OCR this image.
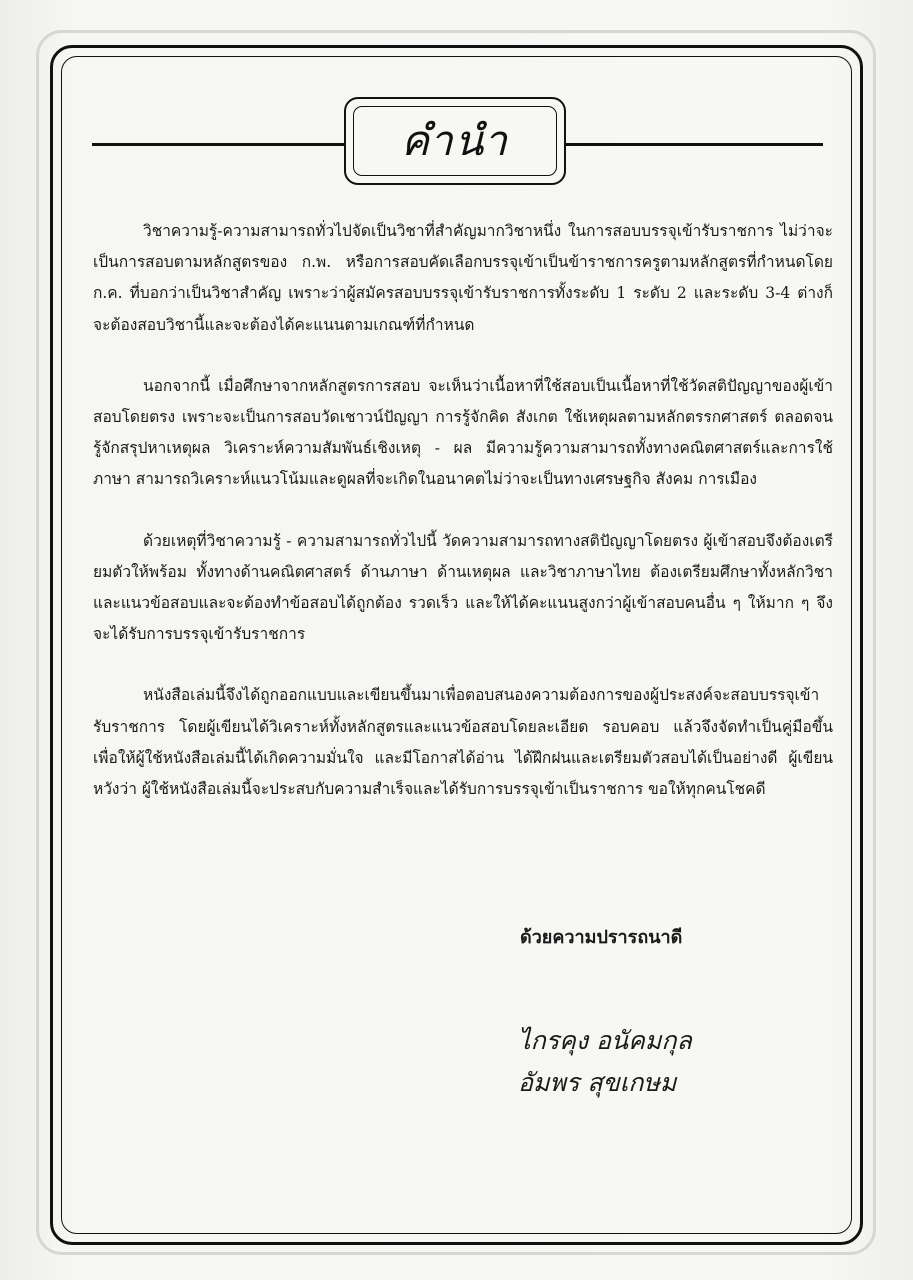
คำนำ

วิชาความรู้-ความสามารถทั่วไปจัดเป็นวิชาที่สำคัญมากวิชาหนึ่ง ในการสอบบรรจุเข้ารับราชการ ไม่ว่าจะเป็นการสอบตามหลักสูตรของ ก.พ. หรือการสอบคัดเลือกบรรจุเข้าเป็นข้าราชการครูตามหลักสูตรที่กำหนดโดย ก.ค. ที่บอกว่าเป็นวิชาสำคัญ เพราะว่าผู้สมัครสอบบรรจุเข้ารับราชการทั้งระดับ 1 ระดับ 2 และระดับ 3-4 ต่างก็จะต้องสอบวิชานี้และจะต้องได้คะแนนตามเกณฑ์ที่กำหนด

นอกจากนี้ เมื่อศึกษาจากหลักสูตรการสอบ จะเห็นว่าเนื้อหาที่ใช้สอบเป็นเนื้อหาที่ใช้วัดสติปัญญาของผู้เข้าสอบโดยตรง เพราะจะเป็นการสอบวัดเชาวน์ปัญญา การรู้จักคิด สังเกต ใช้เหตุผลตามหลักตรรกศาสตร์ ตลอดจนรู้จักสรุปหาเหตุผล วิเคราะห์ความสัมพันธ์เชิงเหตุ - ผล มีความรู้ความสามารถทั้งทางคณิตศาสตร์และการใช้ภาษา สามารถวิเคราะห์แนวโน้มและดูผลที่จะเกิดในอนาคตไม่ว่าจะเป็นทางเศรษฐกิจ สังคม การเมือง

ด้วยเหตุที่วิชาความรู้ - ความสามารถทั่วไปนี้ วัดความสามารถทางสติปัญญาโดยตรง ผู้เข้าสอบจึงต้องเตรียมตัวให้พร้อม ทั้งทางด้านคณิตศาสตร์ ด้านภาษา ด้านเหตุผล และวิชาภาษาไทย ต้องเตรียมศึกษาทั้งหลักวิชาและแนวข้อสอบและจะต้องทำข้อสอบได้ถูกต้อง รวดเร็ว และให้ได้คะแนนสูงกว่าผู้เข้าสอบคนอื่น ๆ ให้มาก ๆ จึงจะได้รับการบรรจุเข้ารับราชการ

หนังสือเล่มนี้จึงได้ถูกออกแบบและเขียนขึ้นมาเพื่อตอบสนองความต้องการของผู้ประสงค์จะสอบบรรจุเข้ารับราชการ โดยผู้เขียนได้วิเคราะห์ทั้งหลักสูตรและแนวข้อสอบโดยละเอียด รอบคอบ แล้วจึงจัดทำเป็นคู่มือขึ้น เพื่อให้ผู้ใช้หนังสือเล่มนี้ได้เกิดความมั่นใจ และมีโอกาสได้อ่าน ได้ฝึกฝนและเตรียมตัวสอบได้เป็นอย่างดี ผู้เขียนหวังว่า ผู้ใช้หนังสือเล่มนี้จะประสบกับความสำเร็จและได้รับการบรรจุเข้าเป็นราชการ ขอให้ทุกคนโชคดี

ด้วยความปรารถนาดี
ไกรคุง อนัคมกุล
อัมพร สุขเกษม
